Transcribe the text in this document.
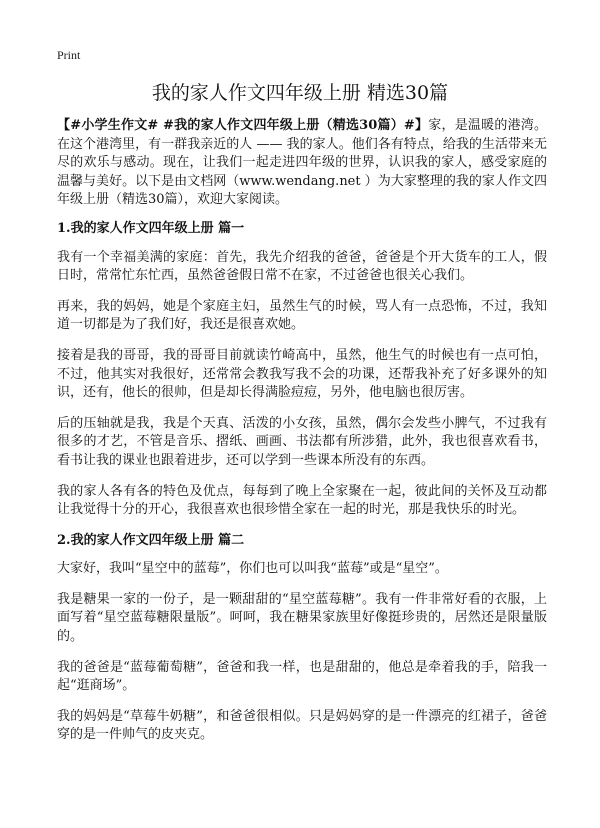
Print
我的家人作文四年级上册 精选30篇

【#小学生作文# #我的家人作文四年级上册（精选30篇）#】家，是温暖的港湾。在这个港湾里，有一群我亲近的人 —— 我的家人。他们各有特点，给我的生活带来无尽的欢乐与感动。现在，让我们一起走进四年级的世界，认识我的家人，感受家庭的温馨与美好。以下是由文档网（www.wendang.net ）为大家整理的我的家人作文四年级上册（精选30篇），欢迎大家阅读。

1.我的家人作文四年级上册 篇一

我有一个幸福美满的家庭：首先，我先介绍我的爸爸，爸爸是个开大货车的工人，假日时，常常忙东忙西，虽然爸爸假日常不在家，不过爸爸也很关心我们。

再来，我的妈妈，她是个家庭主妇，虽然生气的时候，骂人有一点恐怖，不过，我知道一切都是为了我们好，我还是很喜欢她。

接着是我的哥哥，我的哥哥目前就读竹崎高中，虽然，他生气的时候也有一点可怕，不过，他其实对我很好，还常常会教我写我不会的功课，还帮我补充了好多课外的知识，还有，他长的很帅，但是却长得满脸痘痘，另外，他电脑也很厉害。

后的压轴就是我，我是个天真、活泼的小女孩，虽然，偶尔会发些小脾气，不过我有很多的才艺，不管是音乐、摺纸、画画、书法都有所涉猎，此外，我也很喜欢看书，看书让我的课业也跟着进步，还可以学到一些课本所没有的东西。

我的家人各有各的特色及优点，每每到了晚上全家聚在一起，彼此间的关怀及互动都让我觉得十分的开心，我很喜欢也很珍惜全家在一起的时光，那是我快乐的时光。

2.我的家人作文四年级上册 篇二

大家好，我叫“星空中的蓝莓”，你们也可以叫我“蓝莓”或是“星空”。

我是糖果一家的一份子，是一颗甜甜的“星空蓝莓糖”。我有一件非常好看的衣服，上面写着“星空蓝莓糖限量版”。呵呵，我在糖果家族里好像挺珍贵的，居然还是限量版的。

我的爸爸是“蓝莓葡萄糖”，爸爸和我一样，也是甜甜的，他总是牵着我的手，陪我一起“逛商场”。

我的妈妈是“草莓牛奶糖”，和爸爸很相似。只是妈妈穿的是一件漂亮的红裙子，爸爸穿的是一件帅气的皮夹克。
